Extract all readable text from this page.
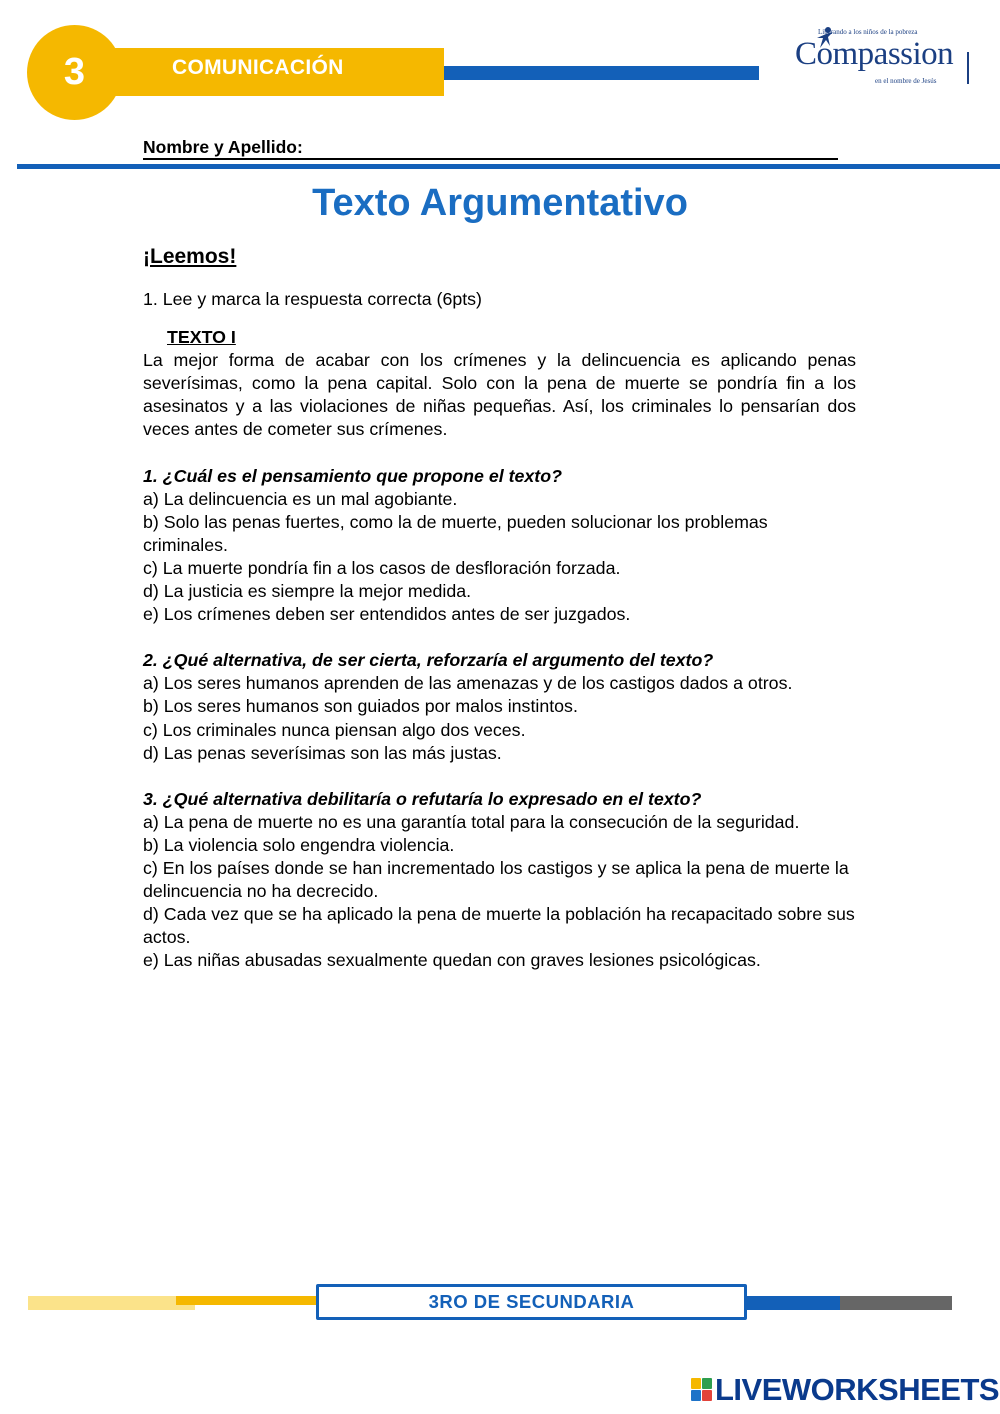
3	COMUNICACIÓN
Liberando a los niños de la pobreza
Compassion
en el nombre de Jesús
Nombre y Apellido:
Texto Argumentativo
¡Leemos!

1. Lee y marca la respuesta correcta (6pts)

TEXTO I

La mejor forma de acabar con los crímenes y la delincuencia es aplicando penas severísimas, como la pena capital. Solo con la pena de muerte se pondría fin a los asesinatos y a las violaciones de niñas pequeñas. Así, los criminales lo pensarían dos veces antes de cometer sus crímenes.

1. ¿Cuál es el pensamiento que propone el texto?

a) La delincuencia es un mal agobiante.

b) Solo las penas fuertes, como la de muerte, pueden solucionar los problemas criminales.

c) La muerte pondría fin a los casos de desfloración forzada.

d) La justicia es siempre la mejor medida.

e) Los crímenes deben ser entendidos antes de ser juzgados.

2. ¿Qué alternativa, de ser cierta, reforzaría el argumento del texto?

a) Los seres humanos aprenden de las amenazas y de los castigos dados a otros.

b) Los seres humanos son guiados por malos instintos.

c) Los criminales nunca piensan algo dos veces.

d) Las penas severísimas son las más justas.

3. ¿Qué alternativa debilitaría o refutaría lo expresado en el texto?

a) La pena de muerte no es una garantía total para la consecución de la seguridad.

b) La violencia solo engendra violencia.

c) En los países donde se han incrementado los castigos y se aplica la pena de muerte la delincuencia no ha decrecido.

d) Cada vez que se ha aplicado la pena de muerte la población ha recapacitado sobre sus actos.

e) Las niñas abusadas sexualmente quedan con graves lesiones psicológicas.

3RO DE SECUNDARIA
LIVEWORKSHEETS
